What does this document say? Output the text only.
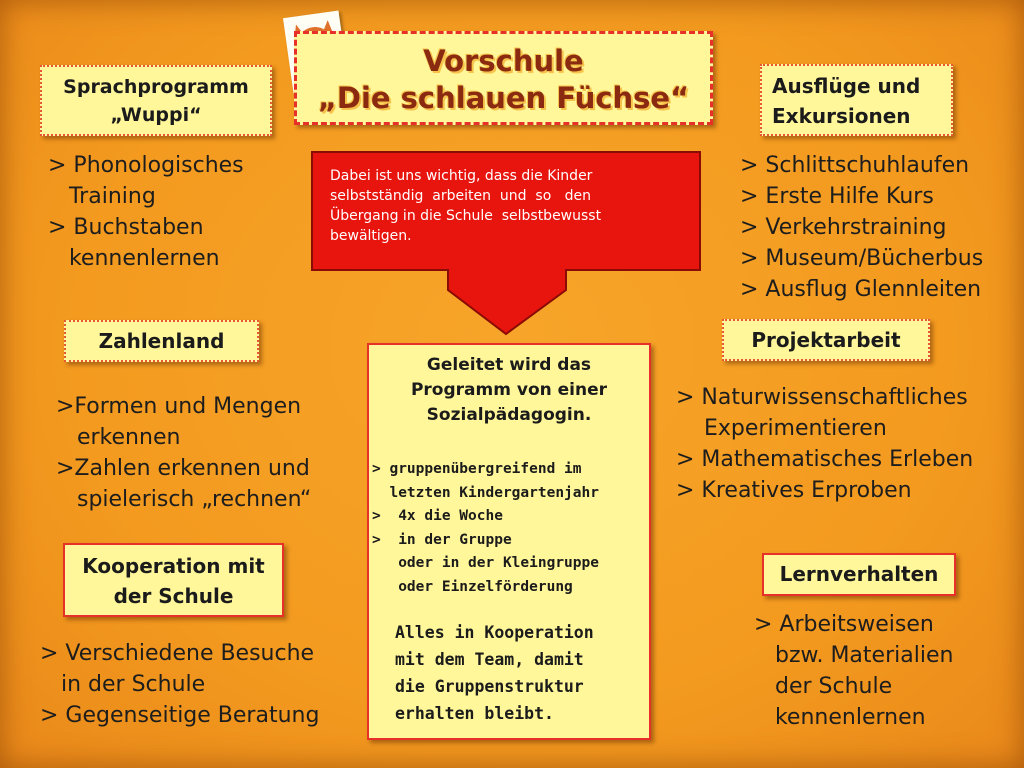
Vorschule
„Die schlauen Füchse“
Sprachprogramm
„Wuppi“

> Phonologisches
Training
> Buchstaben
kennenlernen

Zahlenland

>Formen und Mengen
erkennen
>Zahlen erkennen und
spielerisch „rechnen“

Kooperation mit
der Schule

> Verschiedene Besuche
in der Schule
> Gegenseitige Beratung

Dabei ist uns wichtig, dass die Kinder
selbstständig  arbeiten  und  so   den
Übergang in die Schule  selbstbewusst
bewältigen.

Geleitet wird das
Programm von einer
Sozialpädagogin.

> gruppenübergreifend im
letzten Kindergartenjahr
>  4x die Woche
>  in der Gruppe
oder in der Kleingruppe
oder Einzelförderung

Alles in Kooperation
mit dem Team, damit
die Gruppenstruktur
erhalten bleibt.

Ausflüge und
Exkursionen

> Schlittschuhlaufen
> Erste Hilfe Kurs
> Verkehrstraining
> Museum/Bücherbus
> Ausflug Glennleiten

Projektarbeit

> Naturwissenschaftliches
Experimentieren
> Mathematisches Erleben
> Kreatives Erproben

Lernverhalten

> Arbeitsweisen
bzw. Materialien
der Schule
kennenlernen
